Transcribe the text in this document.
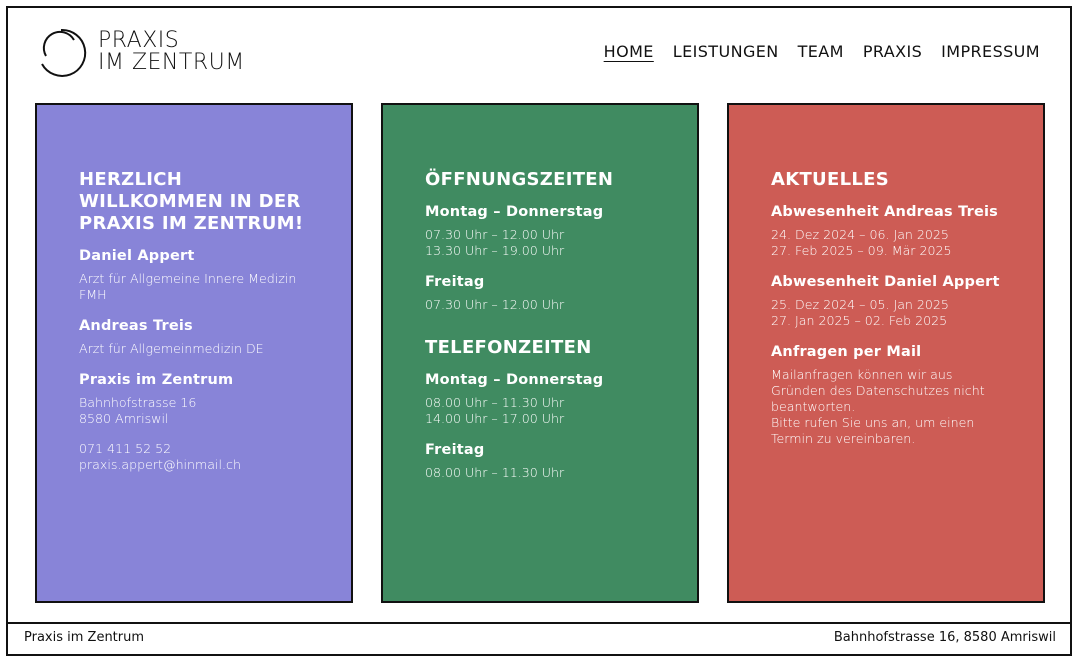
PRAXIS
IM ZENTRUM	HOME LEISTUNGEN TEAM PRAXIS IMPRESSUM
HERZLICH WILLKOMMEN IN DER PRAXIS IM ZENTRUM!
Daniel Appert

Arzt für Allgemeine Innere Medizin FMH

Andreas Treis

Arzt für Allgemeinmedizin DE

Praxis im Zentrum

Bahnhofstrasse 16
8580 Amriswil

071 411 52 52
praxis.appert@hinmail.ch

ÖFFNUNGSZEITEN
Montag – Donnerstag

07.30 Uhr – 12.00 Uhr
13.30 Uhr – 19.00 Uhr

Freitag

07.30 Uhr – 12.00 Uhr

TELEFONZEITEN
Montag – Donnerstag

08.00 Uhr – 11.30 Uhr
14.00 Uhr – 17.00 Uhr

Freitag

08.00 Uhr – 11.30 Uhr

AKTUELLES
Abwesenheit Andreas Treis

24. Dez 2024 – 06. Jan 2025
27. Feb 2025 – 09. Mär 2025

Abwesenheit Daniel Appert

25. Dez 2024 – 05. Jan 2025
27. Jan 2025 – 02. Feb 2025

Anfragen per Mail

Mailanfragen können wir aus Gründen des Datenschutzes nicht beantworten.
Bitte rufen Sie uns an, um einen Termin zu vereinbaren.

Praxis im Zentrum	Bahnhofstrasse 16, 8580 Amriswil
